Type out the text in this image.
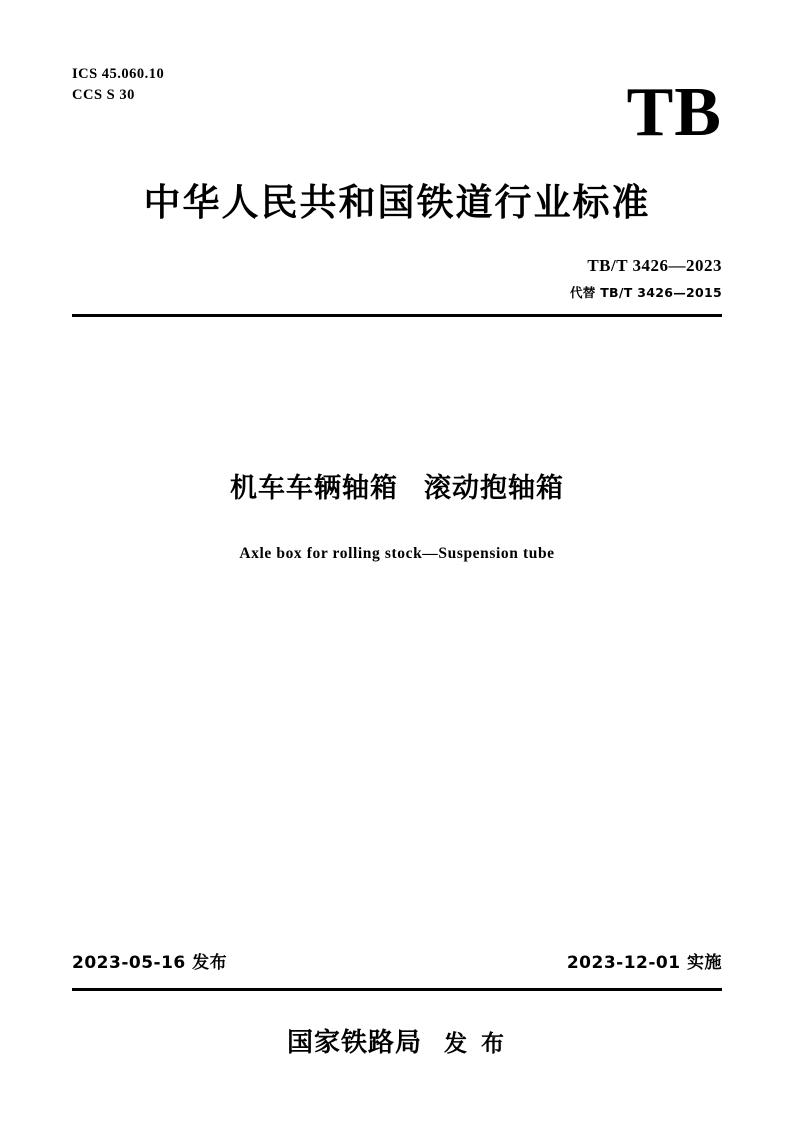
ICS 45.060.10
CCS S 30	TB
中华人民共和国铁道行业标准
TB/T 3426—2023
代替 TB/T 3426—2015
机车车辆轴箱 滚动抱轴箱
Axle box for rolling stock—Suspension tube
2023-05-16 发布	2023-12-01 实施
国家铁路局 发 布
